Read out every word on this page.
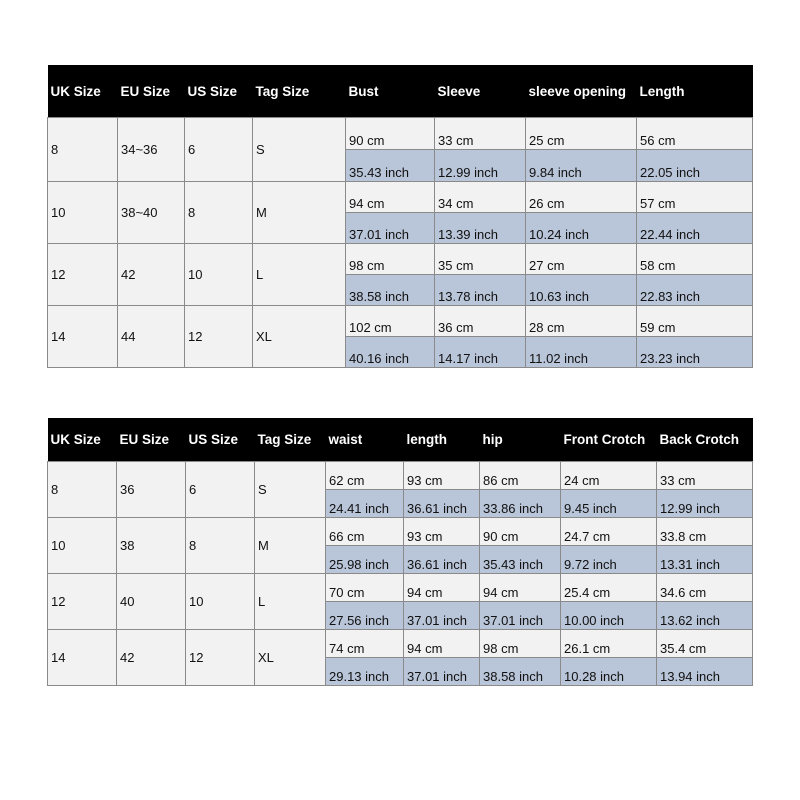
UK Size	EU Size	US Size	Tag Size	Bust	Sleeve	sleeve opening	Length
8	34~36	6	S	90 cm	33 cm	25 cm	56 cm
				35.43 inch	12.99 inch	9.84 inch	22.05 inch
10	38~40	8	M	94 cm	34 cm	26 cm	57 cm
				37.01 inch	13.39 inch	10.24 inch	22.44 inch
12	42	10	L	98 cm	35 cm	27 cm	58 cm
				38.58 inch	13.78 inch	10.63 inch	22.83 inch
14	44	12	XL	102 cm	36 cm	28 cm	59 cm
				40.16 inch	14.17 inch	11.02 inch	23.23 inch
UK Size	EU Size	US Size	Tag Size	waist	length	hip	Front Crotch	Back Crotch
8	36	6	S	62 cm	93 cm	86 cm	24 cm	33 cm
				24.41 inch	36.61 inch	33.86 inch	9.45 inch	12.99 inch
10	38	8	M	66 cm	93 cm	90 cm	24.7 cm	33.8 cm
				25.98 inch	36.61 inch	35.43 inch	9.72 inch	13.31 inch
12	40	10	L	70 cm	94 cm	94 cm	25.4 cm	34.6 cm
				27.56 inch	37.01 inch	37.01 inch	10.00 inch	13.62 inch
14	42	12	XL	74 cm	94 cm	98 cm	26.1 cm	35.4 cm
				29.13 inch	37.01 inch	38.58 inch	10.28 inch	13.94 inch
